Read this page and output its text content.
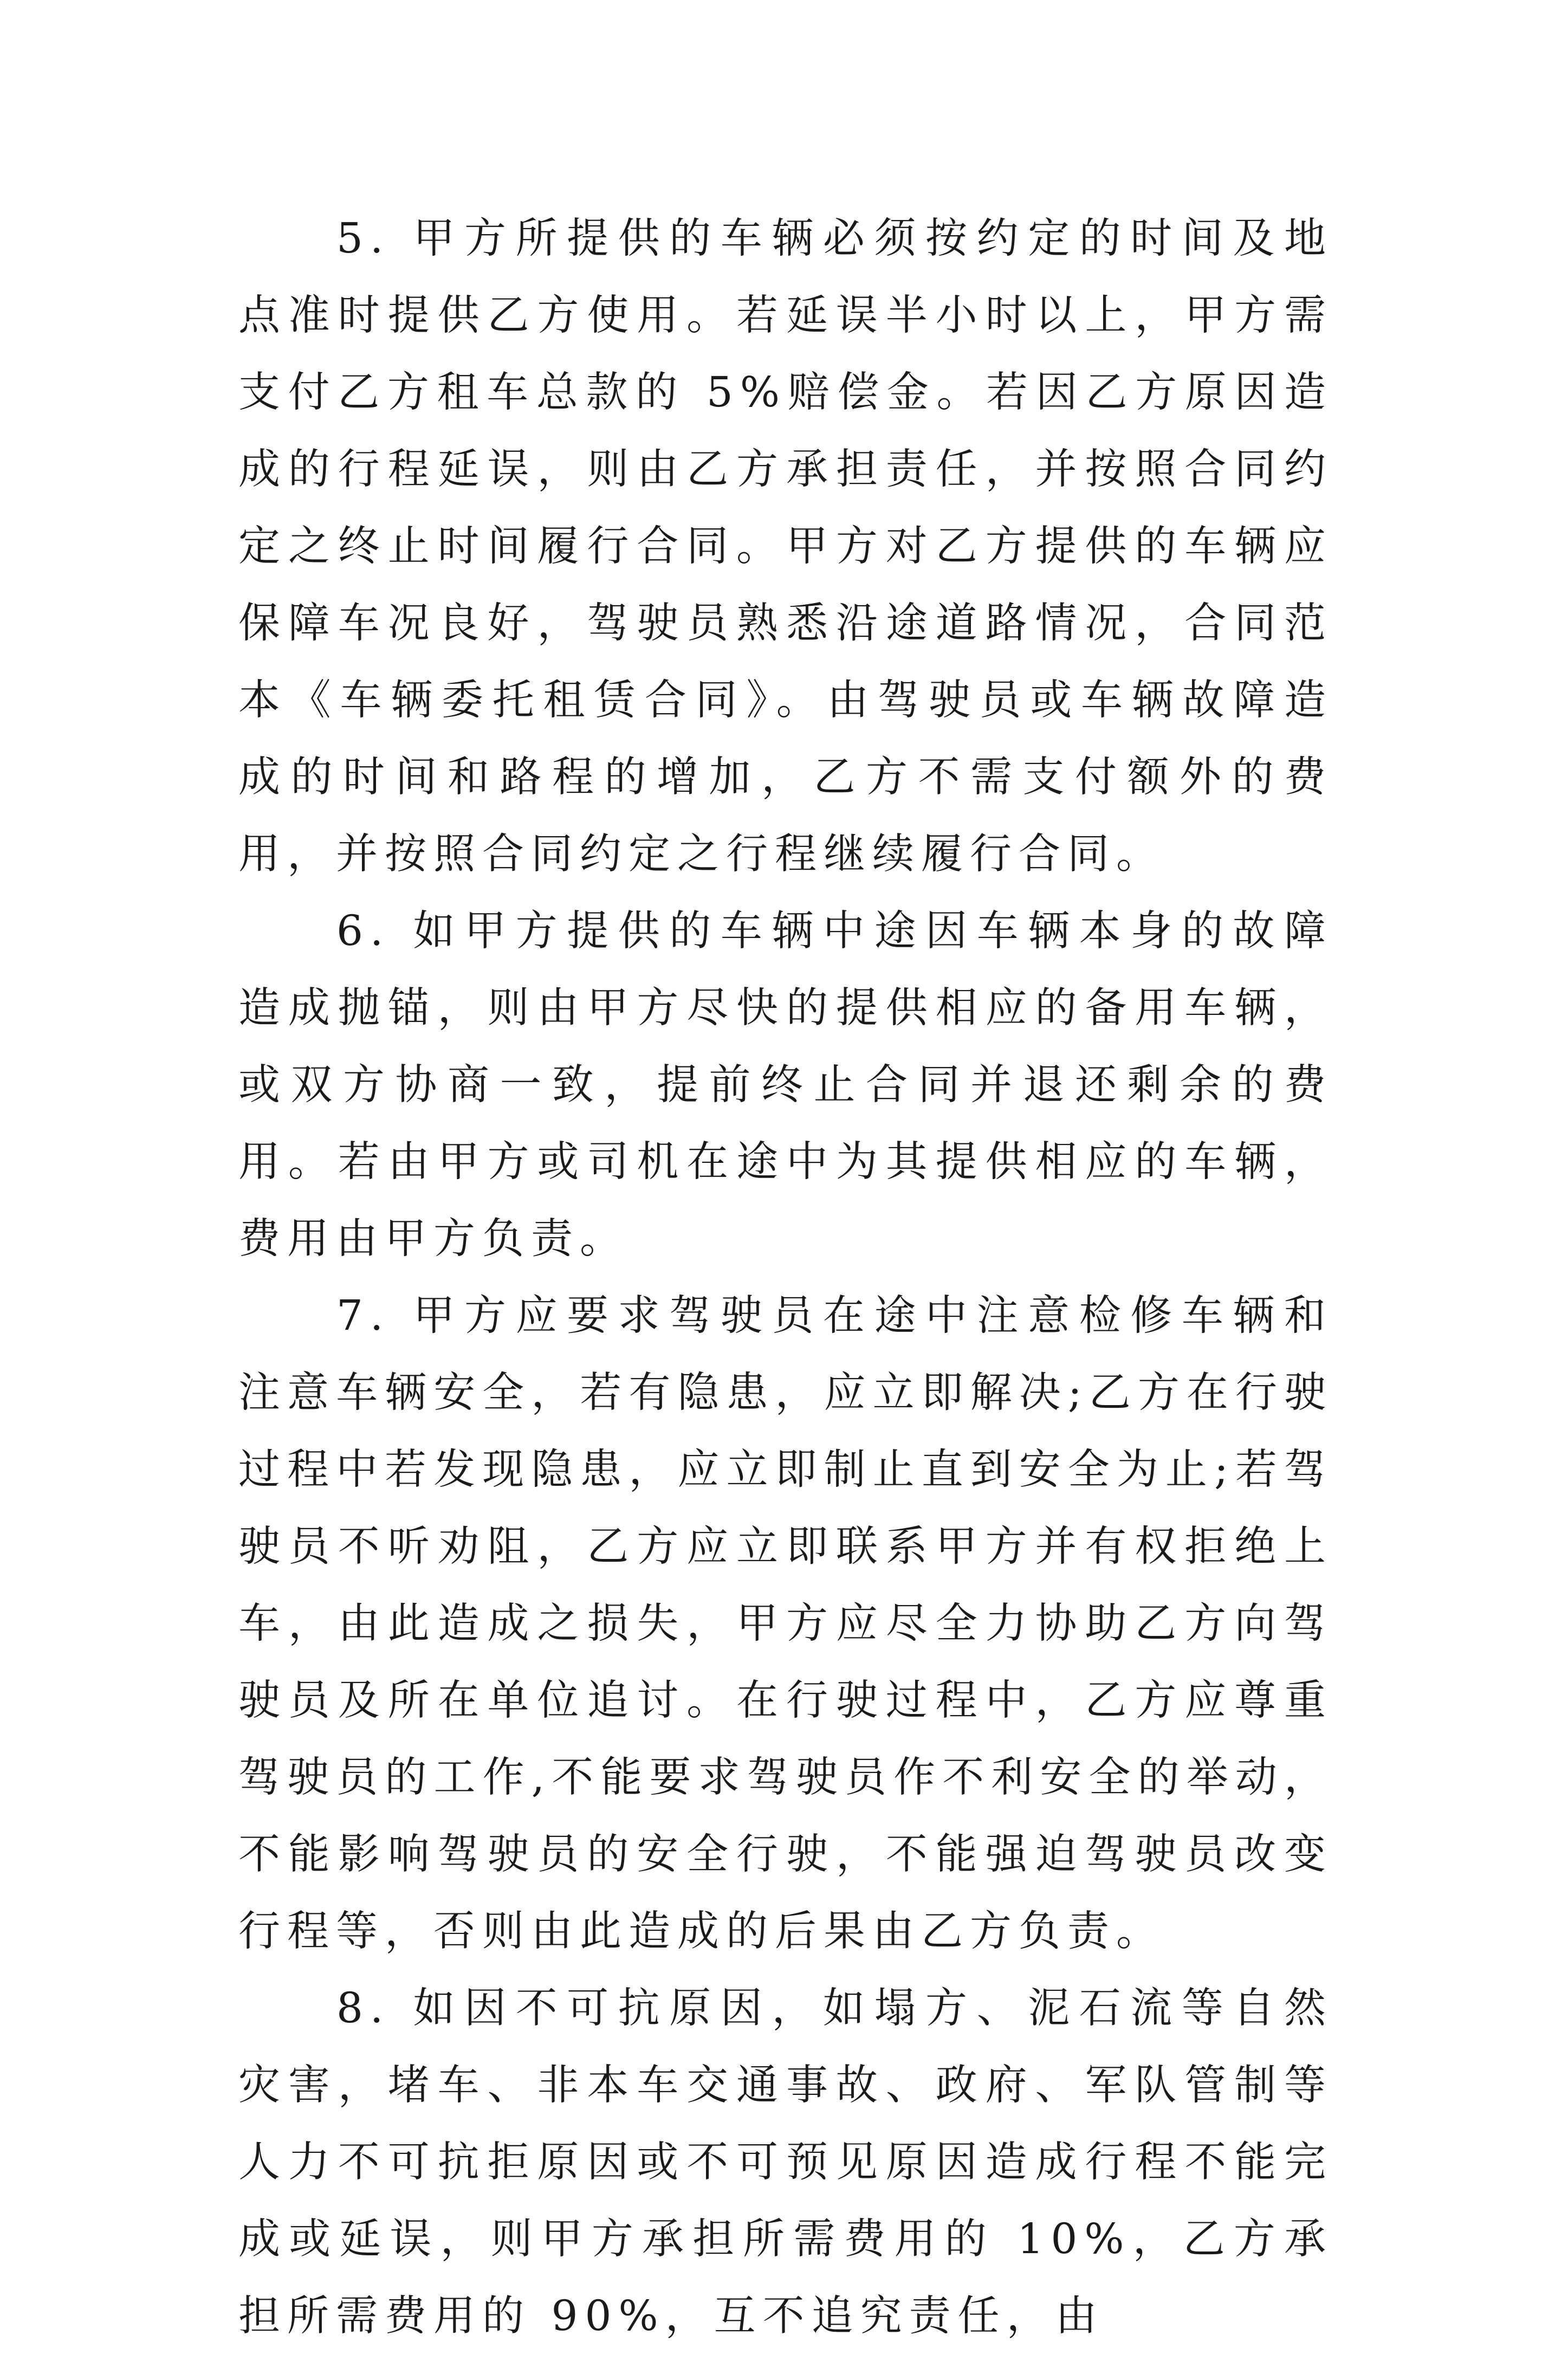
5. 甲方所提供的车辆必须按约定的时间及地点准时提供乙方使用。若延误半小时以上，甲方需支付乙方租车总款的 5%赔偿金。若因乙方原因造成的行程延误，则由乙方承担责任，并按照合同约定之终止时间履行合同。甲方对乙方提供的车辆应保障车况良好，驾驶员熟悉沿途道路情况，合同范本《车辆委托租赁合同》。由驾驶员或车辆故障造成的时间和路程的增加，乙方不需支付额外的费用，并按照合同约定之行程继续履行合同。

6. 如甲方提供的车辆中途因车辆本身的故障造成抛锚，则由甲方尽快的提供相应的备用车辆，或双方协商一致，提前终止合同并退还剩余的费用。若由甲方或司机在途中为其提供相应的车辆，费用由甲方负责。

7. 甲方应要求驾驶员在途中注意检修车辆和注意车辆安全，若有隐患，应立即解决;乙方在行驶过程中若发现隐患，应立即制止直到安全为止;若驾驶员不听劝阻，乙方应立即联系甲方并有权拒绝上车，由此造成之损失，甲方应尽全力协助乙方向驾驶员及所在单位追讨。在行驶过程中，乙方应尊重驾驶员的工作,不能要求驾驶员作不利安全的举动，不能影响驾驶员的安全行驶，不能强迫驾驶员改变行程等，否则由此造成的后果由乙方负责。

8. 如因不可抗原因，如塌方、泥石流等自然灾害，堵车、非本车交通事故、政府、军队管制等人力不可抗拒原因或不可预见原因造成行程不能完成或延误，则甲方承担所需费用的 10%，乙方承担所需费用的 90%，互不追究责任，由
